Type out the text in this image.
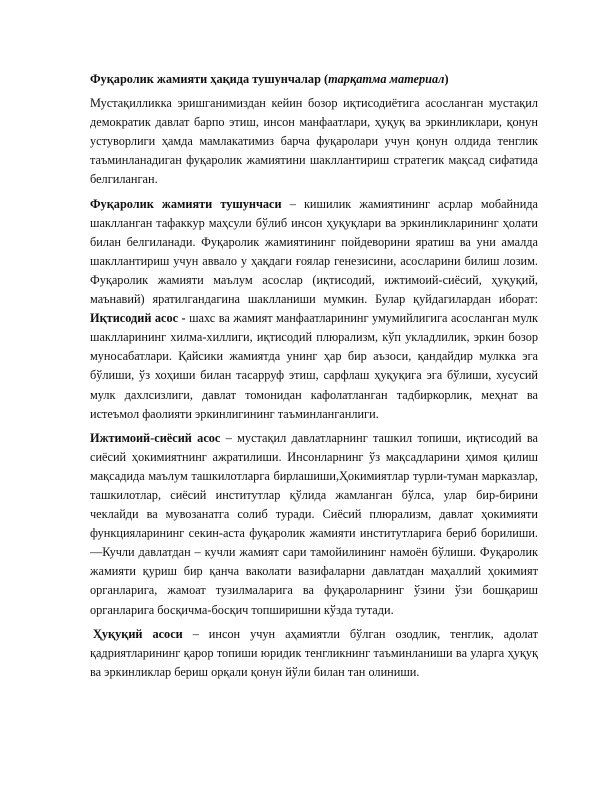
Фуқаролик жамияти ҳақида тушунчалар (тарқатма материал)

Мустақилликка эришганимиздан кейин бозор иқтисодиётига асосланган мустақил демократик давлат барпо этиш, инсон манфаатлари, ҳуқуқ ва эркинликлари, қонун устуворлиги ҳамда мамлакатимиз барча фуқаролари учун қонун олдида тенглик таъминланадиган фуқаролик жамиятини шакллантириш стратегик мақсад сифатида белгиланган.

Фуқаролик жамияти тушунчаси – кишилик жамиятининг асрлар мобайнида шаклланган тафаккур маҳсули бўлиб инсон ҳуқуқлари ва эркинликларининг ҳолати билан белгиланади. Фуқаролик жамиятининг пойдеворини яратиш ва уни амалда шакллантириш учун аввало у ҳақдаги ғоялар генезисини, асосларини билиш лозим. Фуқаролик жамияти маълум асослар (иқтисодий, ижтимоий-сиёсий, ҳуқуқий, маънавий) яратилгандагина шаклланиши мумкин. Булар қуйдагилардан иборат: Иқтисодий асос - шахс ва жамият манфаатларининг умумийлигига асосланган мулк шаклларининг хилма-хиллиги, иқтисодий плюрализм, кўп укладлилик, эркин бозор муносабатлари. Қайсики жамиятда унинг ҳар бир аъзоси, қандайдир мулкка эга бўлиши, ўз хоҳиши билан тасарруф этиш, сарфлаш ҳуқуқига эга бўлиши, хусусий мулк дахлсизлиги, давлат томонидан кафолатланган тадбиркорлик, меҳнат ва истеъмол фаолияти эркинлигининг таъминланганлиги.

Ижтимоий-сиёсий асос – мустақил давлатларнинг ташкил топиши, иқтисодий ва сиёсий ҳокимиятнинг ажратилиши. Инсонларнинг ўз мақсадларини ҳимоя қилиш мақсадида маълум ташкилотларга бирлашиши,Ҳокимиятлар турли-туман марказлар, ташкилотлар, сиёсий институтлар қўлида жамланган бўлса, улар бир-бирини чеклайди ва мувозанатга солиб туради. Сиёсий плюрализм, давлат ҳокимияти функцияларининг секин-аста фуқаролик жамияти институтларига бериб борилиши. ―Кучли давлатдан – кучли жамият сари тамойилининг намоён бўлиши. Фуқаролик жамияти қуриш бир қанча ваколати вазифаларни давлатдан маҳаллий ҳокимият органларига, жамоат тузилмаларига ва фуқароларнинг ўзини ўзи бошқариш органларига босқичма-босқич топширишни кўзда тутади.

Ҳуқуқий асоси – инсон учун аҳамиятли бўлган озодлик, тенглик, адолат қадриятларининг қарор топиши юридик тенгликнинг таъминланиши ва уларга ҳуқуқ ва эркинликлар бериш орқали қонун йўли билан тан олиниши.
